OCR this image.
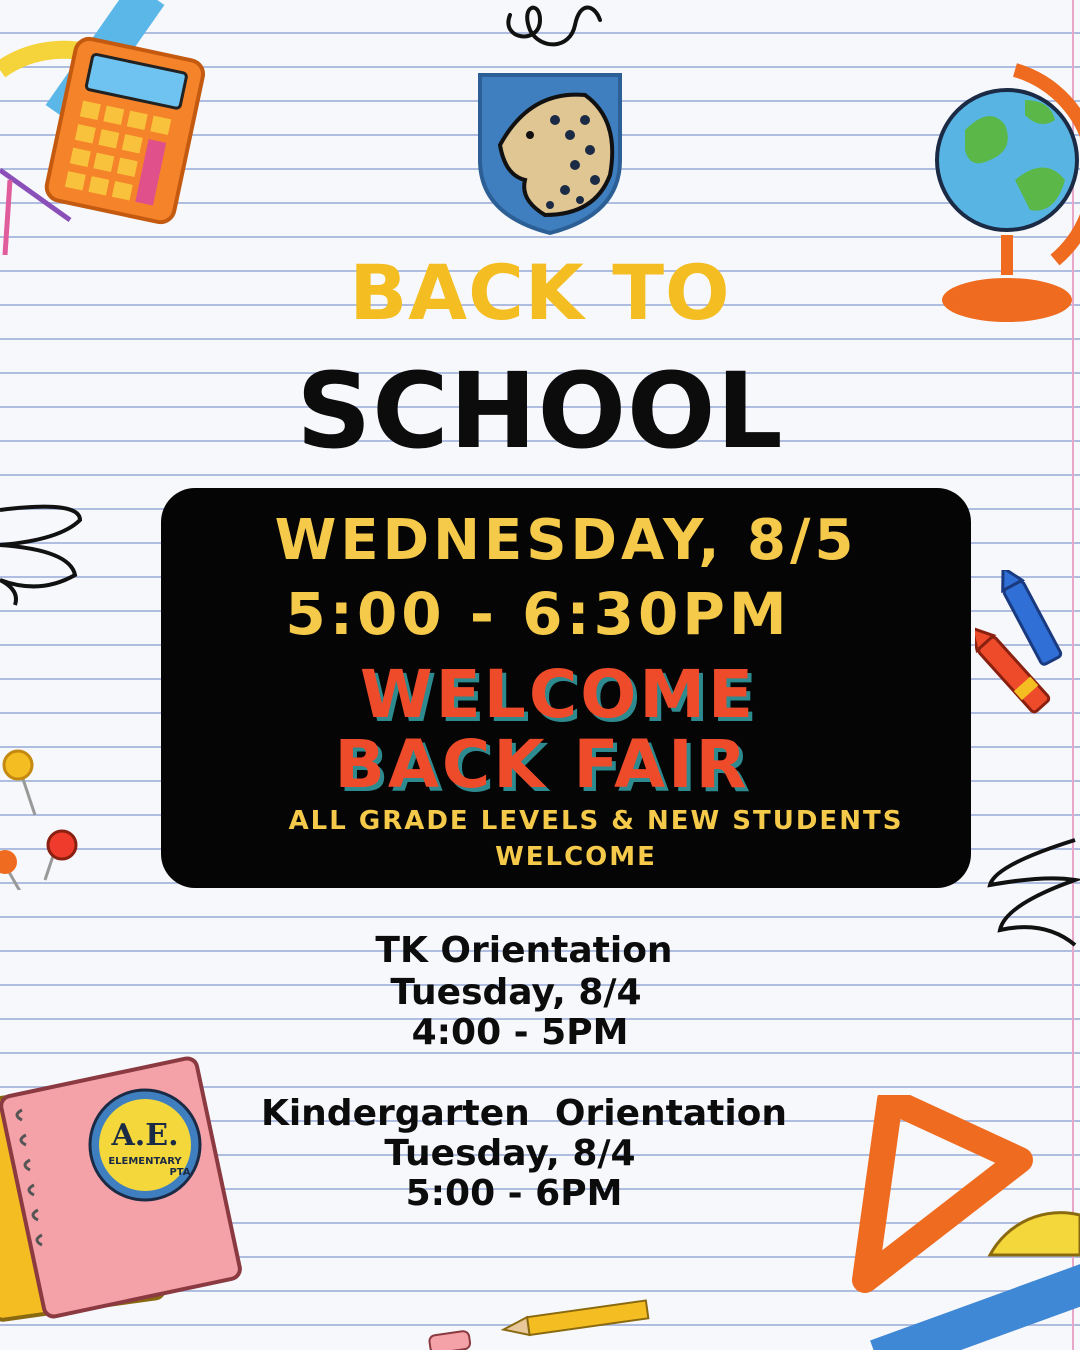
A.E.
ELEMENTARY
PTA
BACK TO
SCHOOL
WEDNESDAY, 8/5
5:00 - 6:30PM
WELCOME
BACK FAIR
ALL GRADE LEVELS & NEW STUDENTS
WELCOME
TK Orientation
Tuesday, 8/4
4:00 - 5PM
Kindergarten  Orientation
Tuesday, 8/4
5:00 - 6PM
